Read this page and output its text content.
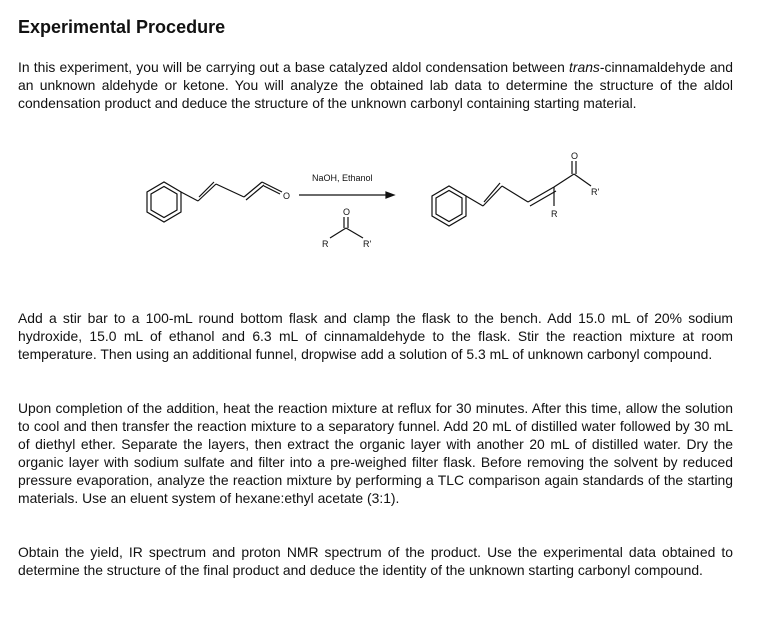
Experimental Procedure

In this experiment, you will be carrying out a base catalyzed aldol condensation between trans-cinnamaldehyde and an unknown aldehyde or ketone. You will analyze the obtained lab data to determine the structure of the aldol condensation product and deduce the structure of the unknown carbonyl containing starting material.

O
NaOH, Ethanol
O
R	R'
O
R'
R

Add a stir bar to a 100-mL round bottom flask and clamp the flask to the bench. Add 15.0 mL of 20% sodium hydroxide, 15.0 mL of ethanol and 6.3 mL of cinnamaldehyde to the flask. Stir the reaction mixture at room temperature. Then using an additional funnel, dropwise add a solution of 5.3 mL of unknown carbonyl compound.

Upon completion of the addition, heat the reaction mixture at reflux for 30 minutes. After this time, allow the solution to cool and then transfer the reaction mixture to a separatory funnel. Add 20 mL of distilled water followed by 30 mL of diethyl ether. Separate the layers, then extract the organic layer with another 20 mL of distilled water. Dry the organic layer with sodium sulfate and filter into a pre-weighed filter flask. Before removing the solvent by reduced pressure evaporation, analyze the reaction mixture by performing a TLC comparison again standards of the starting materials. Use an eluent system of hexane:ethyl acetate (3:1).

Obtain the yield, IR spectrum and proton NMR spectrum of the product. Use the experimental data obtained to determine the structure of the final product and deduce the identity of the unknown starting carbonyl compound.
